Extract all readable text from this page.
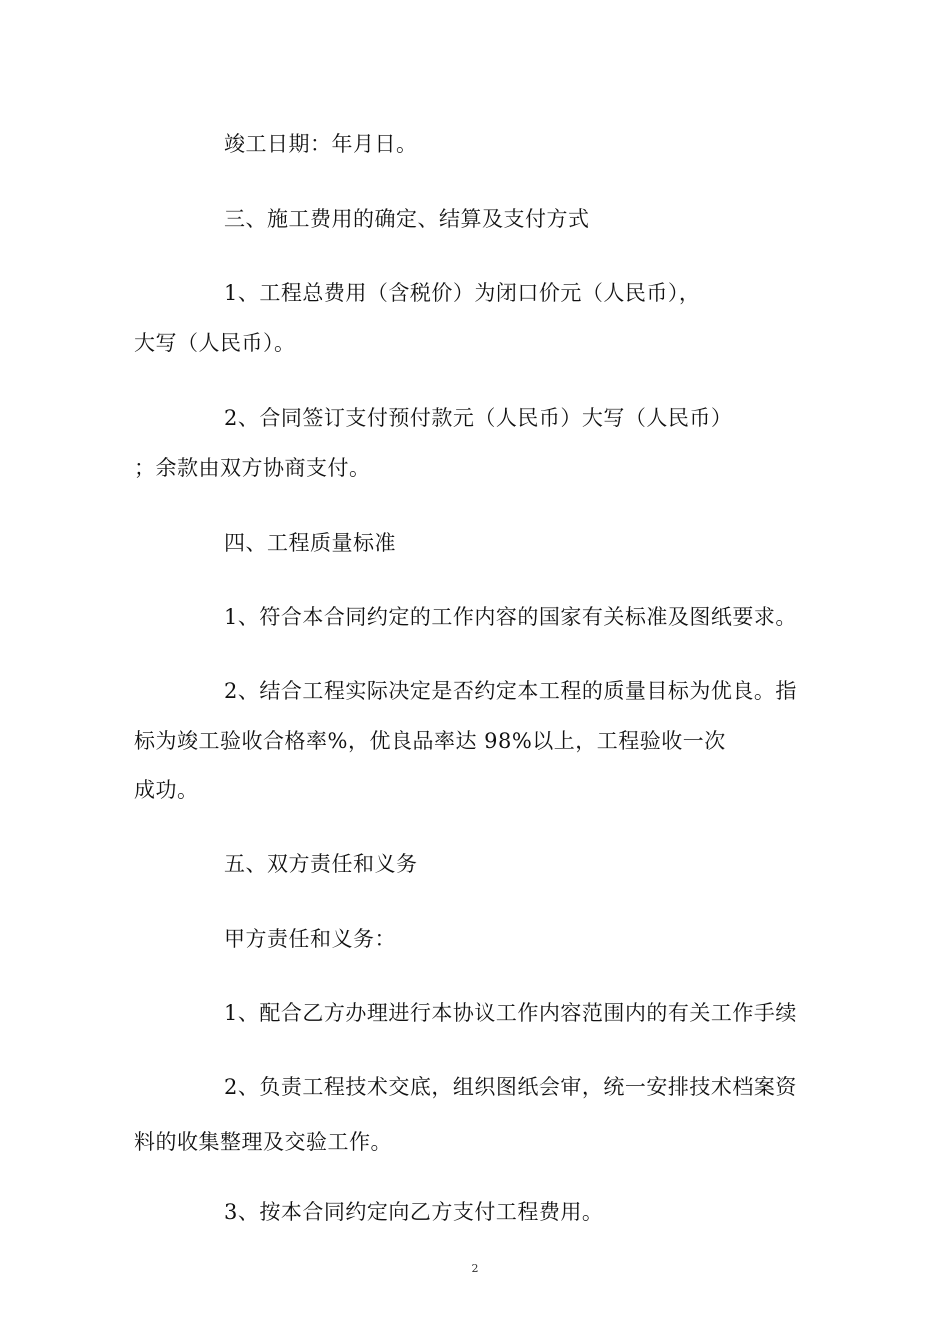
竣工日期：年月日。
三、施工费用的确定、结算及支付方式
1、工程总费用（含税价）为闭口价元（人民币），
大写（人民币）。
2、合同签订支付预付款元（人民币）大写（人民币）
；余款由双方协商支付。
四、工程质量标准
1、符合本合同约定的工作内容的国家有关标准及图纸要求。
2、结合工程实际决定是否约定本工程的质量目标为优良。指
标为竣工验收合格率%，优良品率达 98%以上，工程验收一次
成功。
五、双方责任和义务
甲方责任和义务：
1、配合乙方办理进行本协议工作内容范围内的有关工作手续
2、负责工程技术交底，组织图纸会审，统一安排技术档案资
料的收集整理及交验工作。
3、按本合同约定向乙方支付工程费用。
2
